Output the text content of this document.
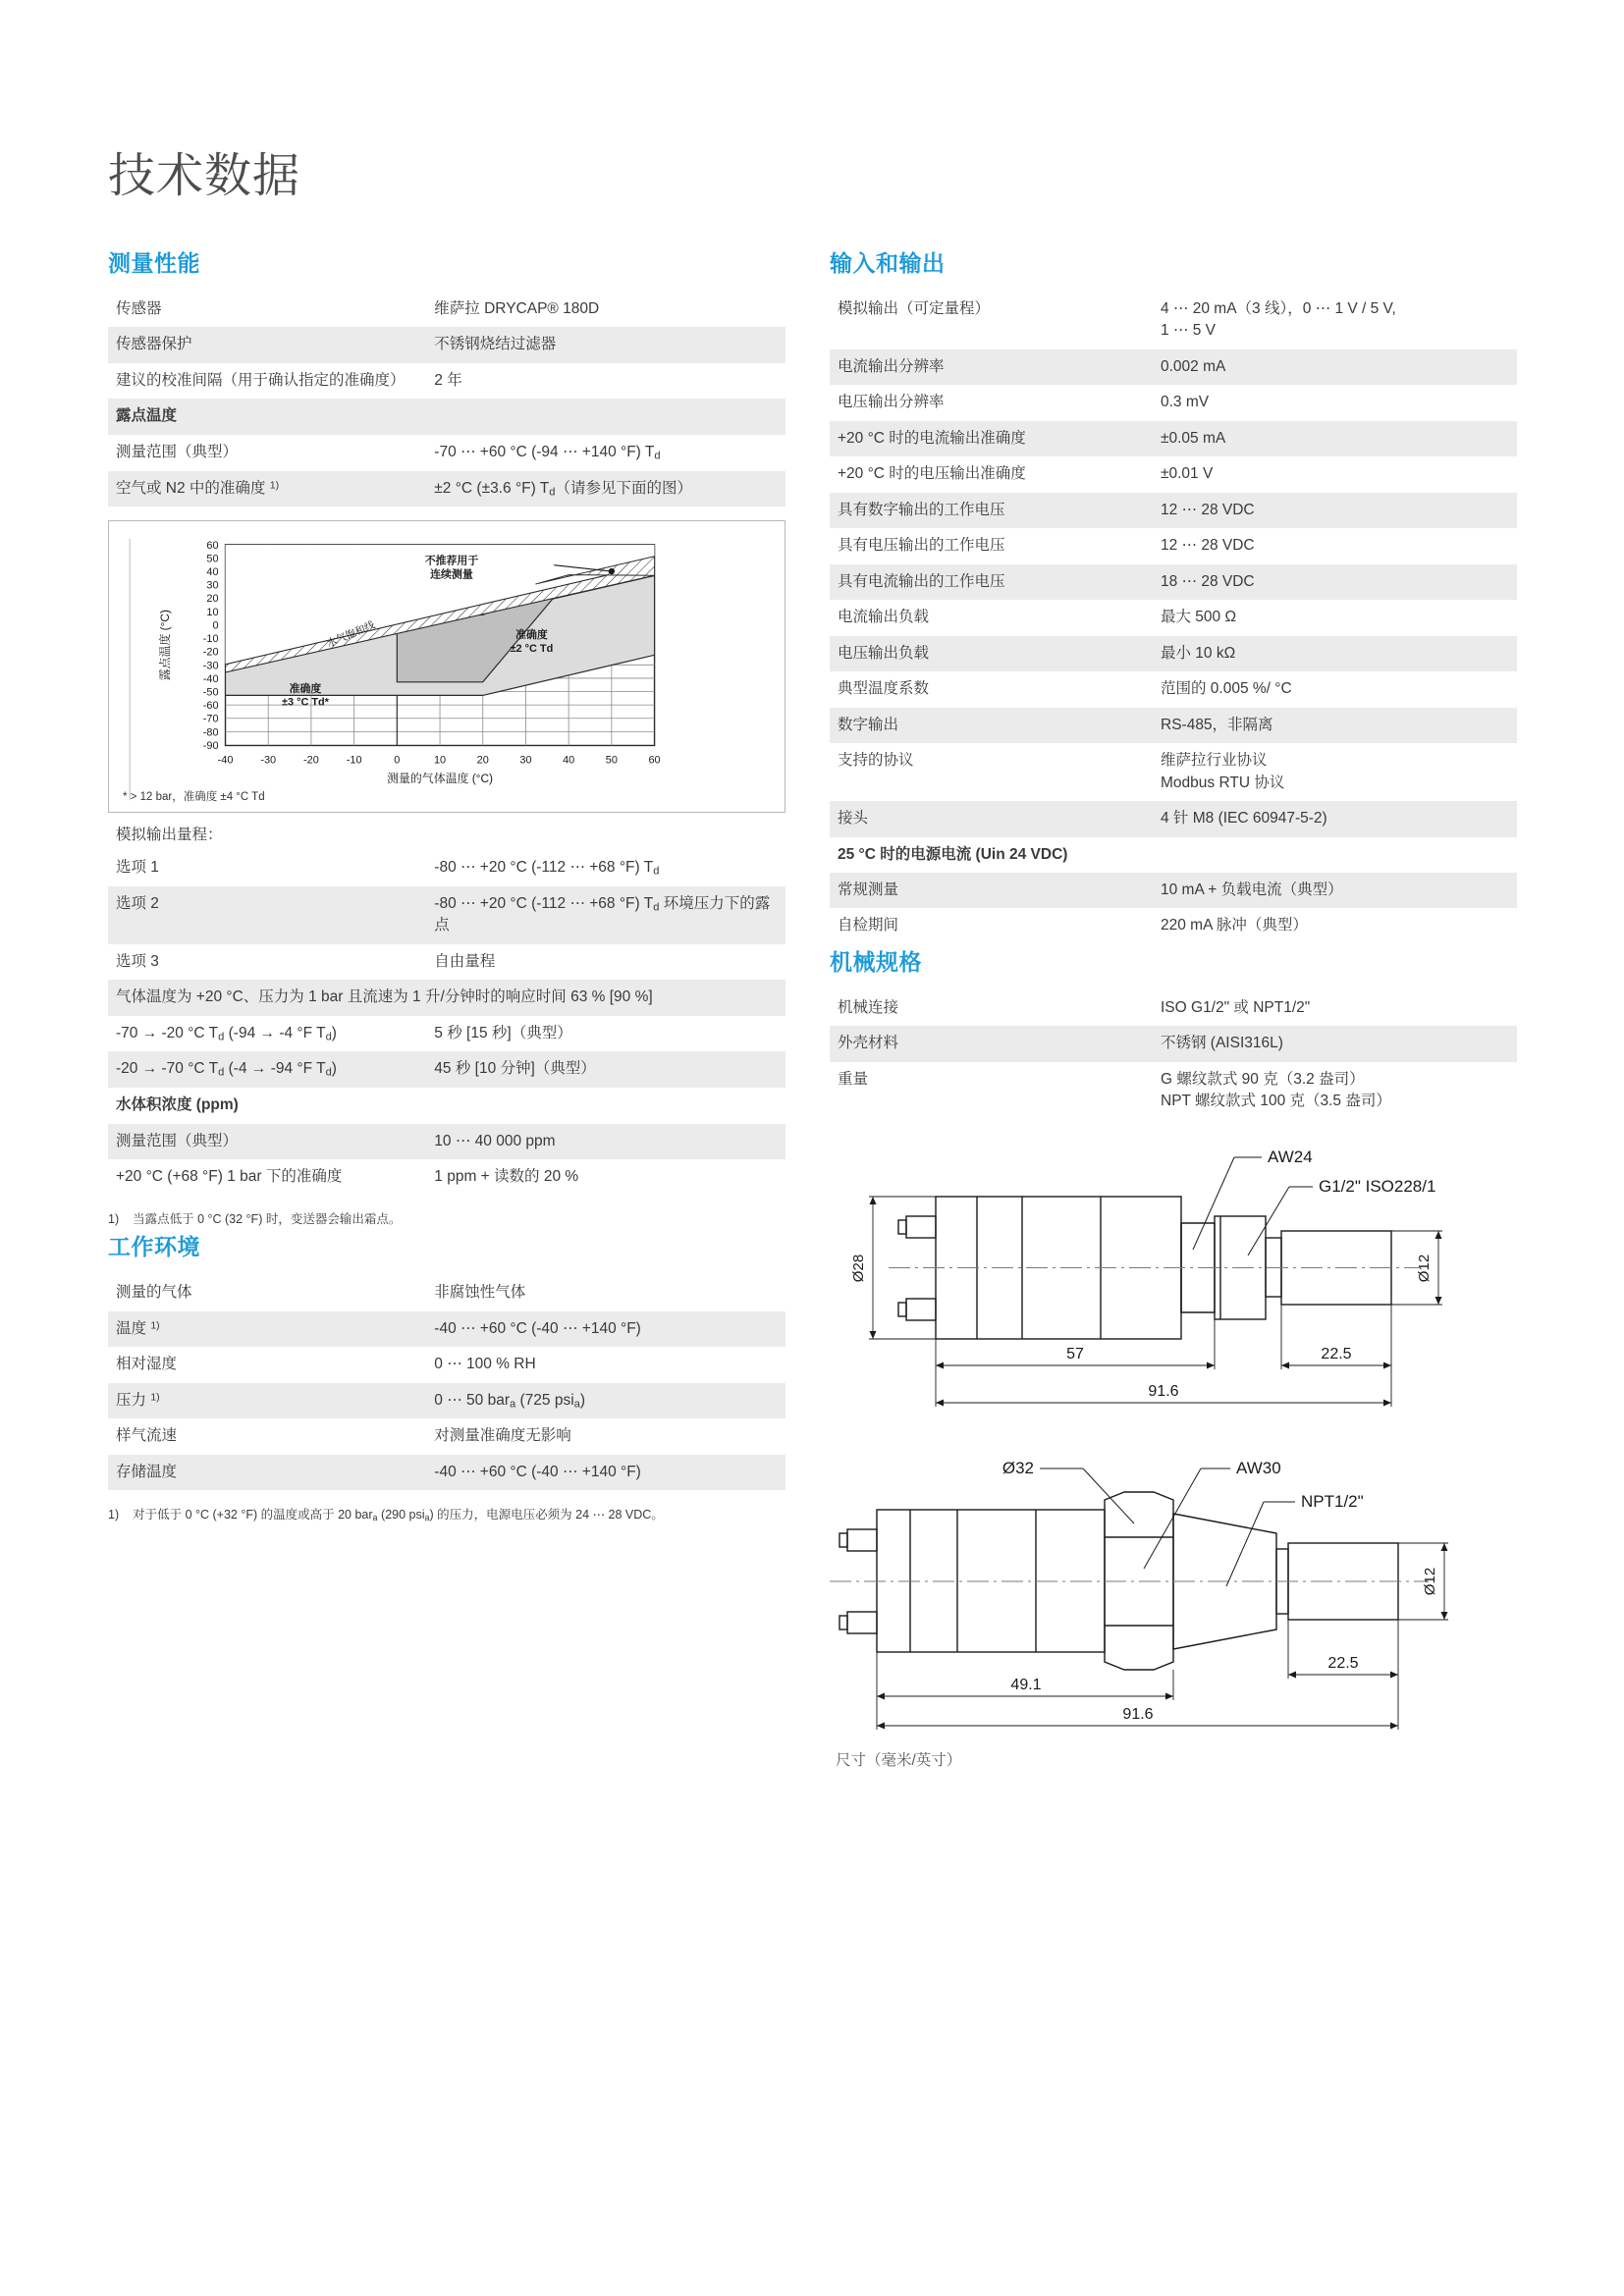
技术数据
测量性能
传感器	维萨拉 DRYCAP® 180D
传感器保护	不锈钢烧结过滤器
建议的校准间隔（用于确认指定的准确度）	2 年
露点温度	
测量范围（典型）	-70 ⋯ +60 °C (-94 ⋯ +140 °F) $T_d$
空气或 N2 中的准确度 $^{1)}$	±2 °C (±3.6 °F) $T_d$（请参见下面的图）
不推荐用于
连续测量
水气饱和线	准确度
±2 °C Td
准确度
±3 °C Td*
60
50
40
30
20
10
0
-10
-20
-30
-40
-50
-60
-70
-80
-90
-40	-30	-20	-10	0	10	20	30	40	50	60
测量的气体温度 (°C)
露点温度 (°C)
* > 12 bar，准确度 ±4 °C Td
模拟输出量程：
选项 1	-80 ⋯ +20 °C (-112 ⋯ +68 °F) $T_d$
选项 2	-80 ⋯ +20 °C (-112 ⋯ +68 °F) $T_d$ 环境压力下的露点
选项 3	自由量程
气体温度为 +20 °C、压力为 1 bar 且流速为 1 升/分钟时的响应时间 63 % [90 %]	
-70 → -20 °C $T_d$ (-94 → -4 °F $T_d$)	5 秒 [15 秒]（典型）
-20 → -70 °C $T_d$ (-4 → -94 °F $T_d$)	45 秒 [10 分钟]（典型）
水体积浓度 (ppm)	
测量范围（典型）	10 ⋯ 40 000 ppm
+20 °C (+68 °F) 1 bar 下的准确度	1 ppm + 读数的 20 %
1) 当露点低于 0 °C (32 °F) 时，变送器会输出霜点。
工作环境
测量的气体	非腐蚀性气体
温度 $^{1)}$	-40 ⋯ +60 °C (-40 ⋯ +140 °F)
相对湿度	0 ⋯ 100 % RH
压力 $^{1)}$	0 ⋯ 50 bar$_a$ (725 psi$_a$)
样气流速	对测量准确度无影响
存储温度	-40 ⋯ +60 °C (-40 ⋯ +140 °F)
1) 对于低于 0 °C (+32 °F) 的温度或高于 20 bar$_a$ (290 psi$_a$) 的压力，电源电压必须为 24 ⋯ 28 VDC。
输入和输出
模拟输出（可定量程）	4 ⋯ 20 mA（3 线），0 ⋯ 1 V / 5 V,
1 ⋯ 5 V
电流输出分辨率	0.002 mA
电压输出分辨率	0.3 mV
+20 °C 时的电流输出准确度	±0.05 mA
+20 °C 时的电压输出准确度	±0.01 V
具有数字输出的工作电压	12 ⋯ 28 VDC
具有电压输出的工作电压	12 ⋯ 28 VDC
具有电流输出的工作电压	18 ⋯ 28 VDC
电流输出负载	最大 500 Ω
电压输出负载	最小 10 kΩ
典型温度系数	范围的 0.005 %/ °C
数字输出	RS-485，非隔离
支持的协议	维萨拉行业协议
Modbus RTU 协议
接头	4 针 M8 (IEC 60947-5-2)
25 °C 时的电源电流 (Uin 24 VDC)	
常规测量	10 mA + 负载电流（典型）
自检期间	220 mA 脉冲（典型）
机械规格
机械连接	ISO G1/2" 或 NPT1/2"
外壳材料	不锈钢 (AISI316L)
重量	G 螺纹款式 90 克（3.2 盎司）
NPT 螺纹款式 100 克（3.5 盎司）
Ø28	Ø12
AW24
G1/2" ISO228/1
57	22.5
91.6
Ø32	AW30
NPT1/2"
Ø12
22.5
49.1
91.6
尺寸（毫米/英寸）
